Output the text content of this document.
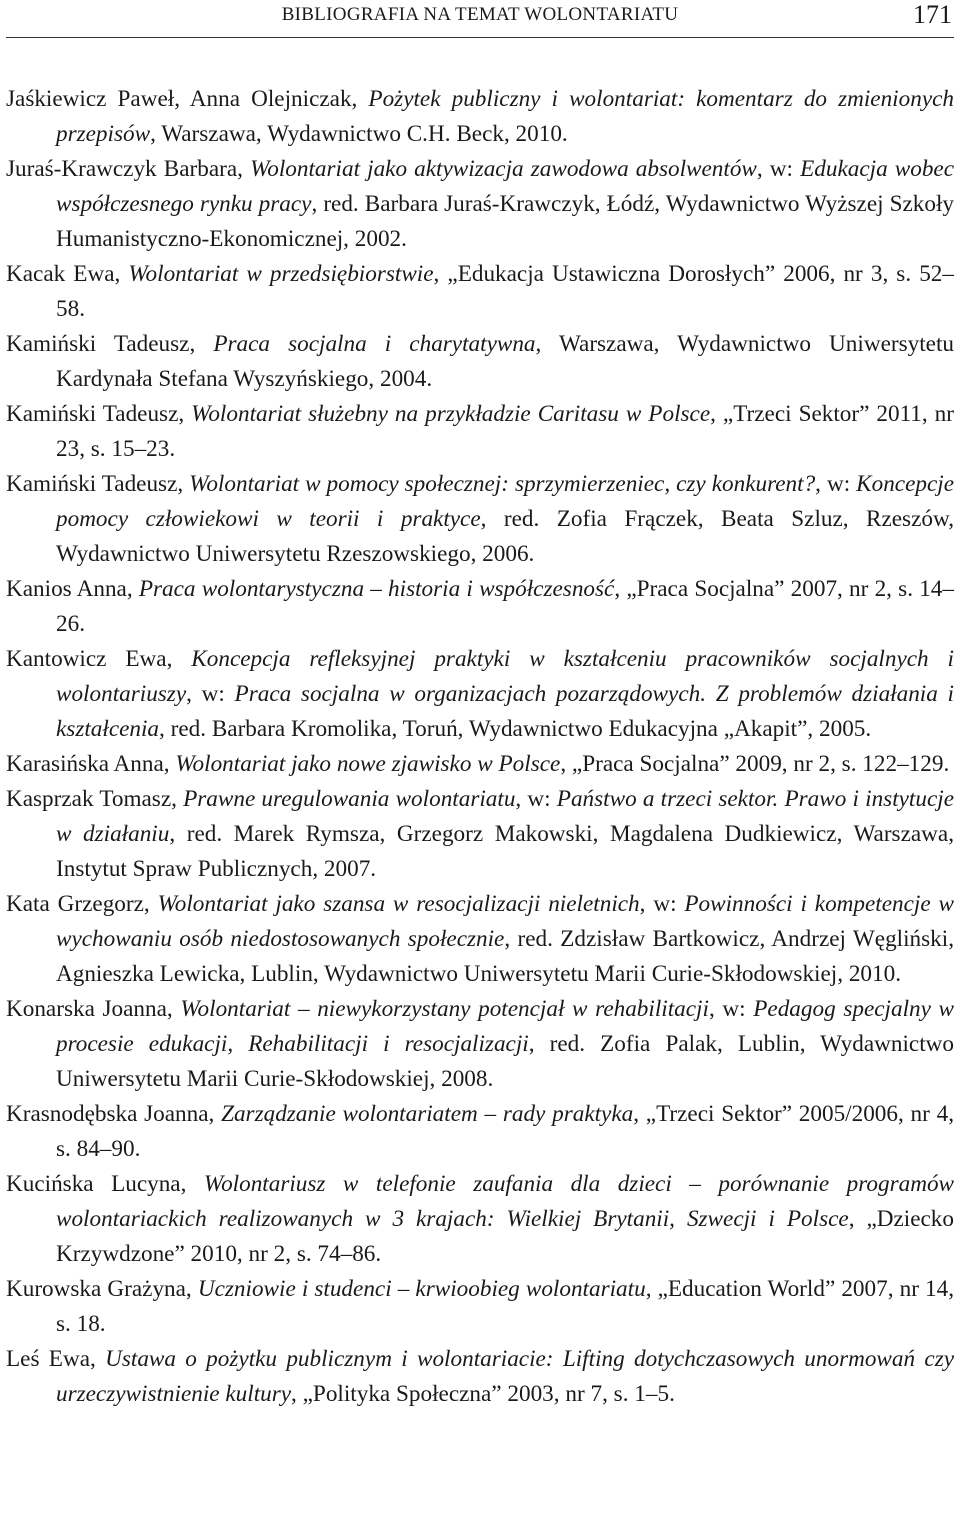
BIBLIOGRAFIA NA TEMAT WOLONTARIATU	171

Jaśkiewicz Paweł, Anna Olejniczak, Pożytek publiczny i wolontariat: komentarz do zmienionych przepisów, Warszawa, Wydawnictwo C.H. Beck, 2010.

Juraś-Krawczyk Barbara, Wolontariat jako aktywizacja zawodowa absolwentów, w: Edukacja wobec współczesnego rynku pracy, red. Barbara Juraś-Krawczyk, Łódź, Wydawnictwo Wyższej Szkoły Humanistyczno-Ekonomicznej, 2002.

Kacak Ewa, Wolontariat w przedsiębiorstwie, „Edukacja Ustawiczna Dorosłych” 2006, nr 3, s. 52–58.

Kamiński Tadeusz, Praca socjalna i charytatywna, Warszawa, Wydawnictwo Uniwersytetu Kardynała Stefana Wyszyńskiego, 2004.

Kamiński Tadeusz, Wolontariat służebny na przykładzie Caritasu w Polsce, „Trzeci Sektor” 2011, nr 23, s. 15–23.

Kamiński Tadeusz, Wolontariat w pomocy społecznej: sprzymierzeniec, czy konkurent?, w: Koncepcje pomocy człowiekowi w teorii i praktyce, red. Zofia Frączek, Beata Szluz, Rzeszów, Wydawnictwo Uniwersytetu Rzeszowskiego, 2006.

Kanios Anna, Praca wolontarystyczna – historia i współczesność, „Praca Socjalna” 2007, nr 2, s. 14–26.

Kantowicz Ewa, Koncepcja refleksyjnej praktyki w kształceniu pracowników socjalnych i wolontariuszy, w: Praca socjalna w organizacjach pozarządowych. Z problemów działania i kształcenia, red. Barbara Kromolika, Toruń, Wydawnictwo Edukacyjna „Akapit”, 2005.

Karasińska Anna, Wolontariat jako nowe zjawisko w Polsce, „Praca Socjalna” 2009, nr 2, s. 122–129.

Kasprzak Tomasz, Prawne uregulowania wolontariatu, w: Państwo a trzeci sektor. Prawo i instytucje w działaniu, red. Marek Rymsza, Grzegorz Makowski, Magdalena Dudkiewicz, Warszawa, Instytut Spraw Publicznych, 2007.

Kata Grzegorz, Wolontariat jako szansa w resocjalizacji nieletnich, w: Powinności i kompetencje w wychowaniu osób niedostosowanych społecznie, red. Zdzisław Bartkowicz, Andrzej Węgliński, Agnieszka Lewicka, Lublin, Wydawnictwo Uniwersytetu Marii Curie-Skłodowskiej, 2010.

Konarska Joanna, Wolontariat – niewykorzystany potencjał w rehabilitacji, w: Pedagog specjalny w procesie edukacji, Rehabilitacji i resocjalizacji, red. Zofia Palak, Lublin, Wydawnictwo Uniwersytetu Marii Curie-Skłodowskiej, 2008.

Krasnodębska Joanna, Zarządzanie wolontariatem – rady praktyka, „Trzeci Sektor” 2005/2006, nr 4, s. 84–90.

Kucińska Lucyna, Wolontariusz w telefonie zaufania dla dzieci – porównanie programów wolontariackich realizowanych w 3 krajach: Wielkiej Brytanii, Szwecji i Polsce, „Dziecko Krzywdzone” 2010, nr 2, s. 74–86.

Kurowska Grażyna, Uczniowie i studenci – krwioobieg wolontariatu, „Education World” 2007, nr 14, s. 18.

Leś Ewa, Ustawa o pożytku publicznym i wolontariacie: Lifting dotychczasowych unormowań czy urzeczywistnienie kultury, „Polityka Społeczna” 2003, nr 7, s. 1–5.
